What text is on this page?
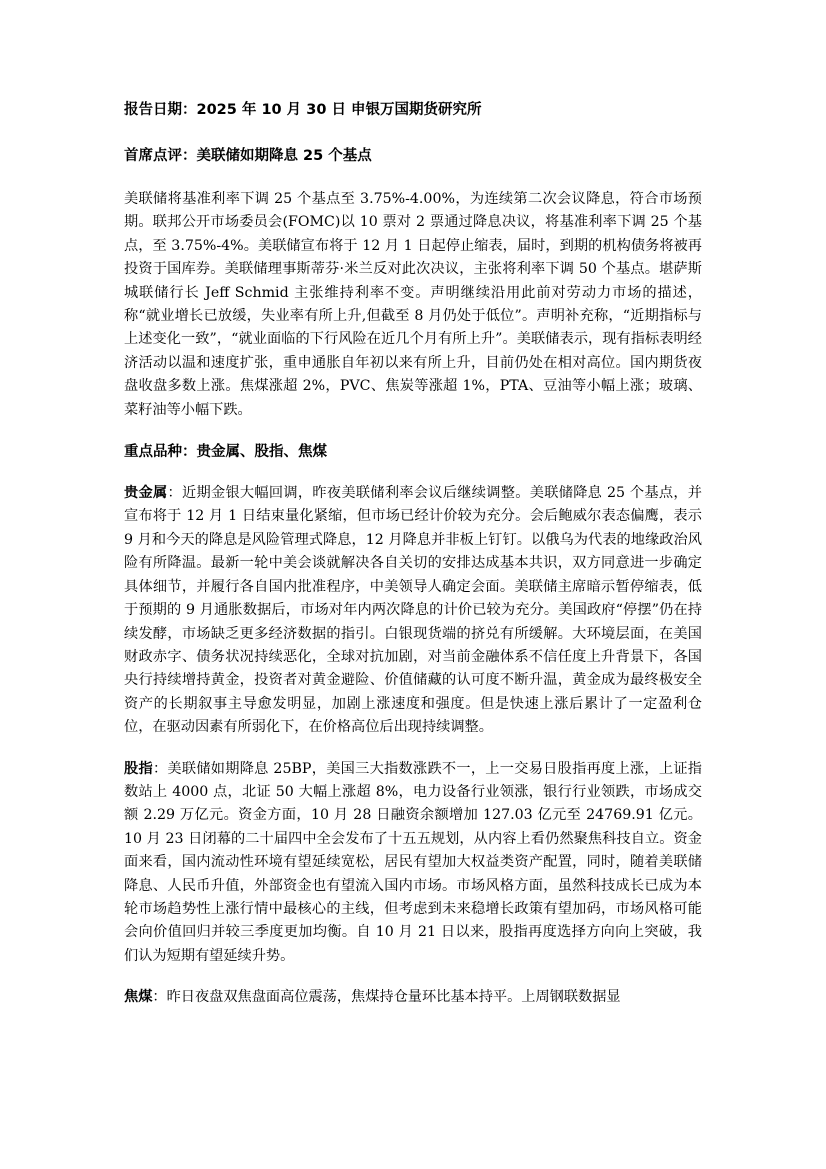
报告日期：2025 年 10 月 30 日 申银万国期货研究所

首席点评：美联储如期降息 25 个基点

美联储将基准利率下调 25 个基点至 3.75%-4.00%，为连续第二次会议降息，符合市场预期。联邦公开市场委员会(FOMC)以 10 票对 2 票通过降息决议，将基准利率下调 25 个基点，至 3.75%-4%。美联储宣布将于 12 月 1 日起停止缩表，届时，到期的机构债务将被再投资于国库券。美联储理事斯蒂芬·米兰反对此次决议，主张将利率下调 50 个基点。堪萨斯城联储行长 Jeff Schmid 主张维持利率不变。声明继续沿用此前对劳动力市场的描述，称“就业增长已放缓，失业率有所上升,但截至 8 月仍处于低位”。声明补充称，“近期指标与上述变化一致”，“就业面临的下行风险在近几个月有所上升”。美联储表示，现有指标表明经济活动以温和速度扩张，重申通胀自年初以来有所上升，目前仍处在相对高位。国内期货夜盘收盘多数上涨。焦煤涨超 2%，PVC、焦炭等涨超 1%，PTA、豆油等小幅上涨；玻璃、菜籽油等小幅下跌。

重点品种：贵金属、股指、焦煤

贵金属：近期金银大幅回调，昨夜美联储利率会议后继续调整。美联储降息 25 个基点，并宣布将于 12 月 1 日结束量化紧缩，但市场已经计价较为充分。会后鲍威尔表态偏鹰，表示 9 月和今天的降息是风险管理式降息，12 月降息并非板上钉钉。以俄乌为代表的地缘政治风险有所降温。最新一轮中美会谈就解决各自关切的安排达成基本共识，双方同意进一步确定具体细节，并履行各自国内批准程序，中美领导人确定会面。美联储主席暗示暂停缩表，低于预期的 9 月通胀数据后，市场对年内两次降息的计价已较为充分。美国政府“停摆”仍在持续发酵，市场缺乏更多经济数据的指引。白银现货端的挤兑有所缓解。大环境层面，在美国财政赤字、债务状况持续恶化，全球对抗加剧，对当前金融体系不信任度上升背景下，各国央行持续增持黄金，投资者对黄金避险、价值储藏的认可度不断升温，黄金成为最终极安全资产的长期叙事主导愈发明显，加剧上涨速度和强度。但是快速上涨后累计了一定盈利仓位，在驱动因素有所弱化下，在价格高位后出现持续调整。

股指：美联储如期降息 25BP，美国三大指数涨跌不一，上一交易日股指再度上涨，上证指数站上 4000 点，北证 50 大幅上涨超 8%，电力设备行业领涨，银行行业领跌，市场成交额 2.29 万亿元。资金方面，10 月 28 日融资余额增加 127.03 亿元至 24769.91 亿元。10 月 23 日闭幕的二十届四中全会发布了十五五规划，从内容上看仍然聚焦科技自立。资金面来看，国内流动性环境有望延续宽松，居民有望加大权益类资产配置，同时，随着美联储降息、人民币升值，外部资金也有望流入国内市场。市场风格方面，虽然科技成长已成为本轮市场趋势性上涨行情中最核心的主线，但考虑到未来稳增长政策有望加码，市场风格可能会向价值回归并较三季度更加均衡。自 10 月 21 日以来，股指再度选择方向向上突破，我们认为短期有望延续升势。

焦煤：昨日夜盘双焦盘面高位震荡，焦煤持仓量环比基本持平。上周钢联数据显
